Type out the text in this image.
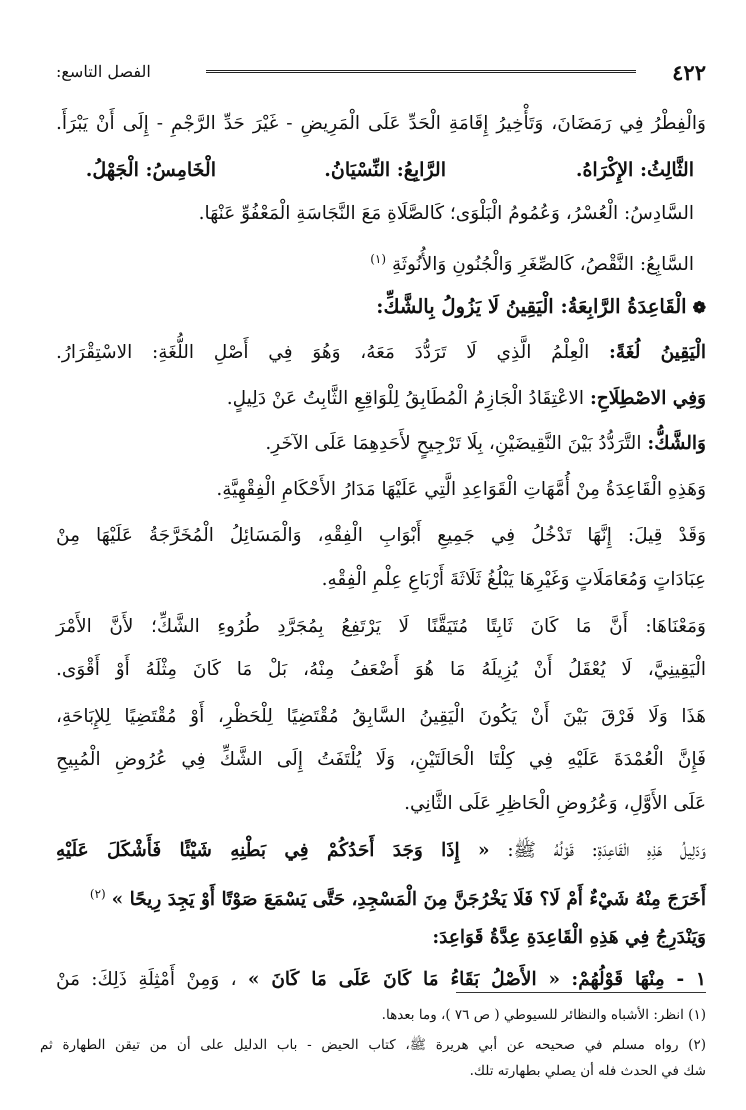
٤٢٢
الفصل التاسع:
وَالْفِطْرُ فِي رَمَضَانَ، وَتَأْخِيرُ إِقَامَةِ الْحَدِّ عَلَى الْمَرِيضِ - غَيْرَ حَدِّ الرَّجْمِ - إِلَى أَنْ يَبْرَأَ.
الثَّالِثُ: الإِكْرَاهُ.
الرَّابِعُ: النِّسْيَانُ.
الْخَامِسُ: الْجَهْلُ.
السَّادِسُ: الْعُسْرُ، وَعُمُومُ الْبَلْوَى؛ كَالصَّلَاةِ مَعَ النَّجَاسَةِ الْمَعْفُوِّ عَنْهَا.
السَّابِعُ: النَّقْصُ، كَالصِّغَرِ وَالْجُنُونِ وَالأُنُوثَةِ $^{(١)}$
❁الْقَاعِدَةُ الرَّابِعَةُ: الْيَقِينُ لَا يَزُولُ بِالشَّكِّ:
الْيَقِينُ لُغَةً: الْعِلْمُ الَّذِي لَا تَرَدُّدَ مَعَهُ، وَهُوَ فِي أَصْلِ اللُّغَةِ: الاسْتِقْرَارُ.
وَفِي الاصْطِلَاحِ: الاعْتِقَادُ الْجَازِمُ الْمُطَابِقُ لِلْوَاقِعِ الثَّابِتُ عَنْ دَلِيلٍ.
وَالشَّكُّ: التَّرَدُّدُ بَيْنَ النَّقِيضَيْنِ، بِلَا تَرْجِيحٍ لأَحَدِهِمَا عَلَى الآخَرِ.
وَهَذِهِ الْقَاعِدَةُ مِنْ أُمَّهَاتِ الْقَوَاعِدِ الَّتِي عَلَيْهَا مَدَارُ الأَحْكَامِ الْفِقْهِيَّةِ.
وَقَدْ قِيلَ: إِنَّهَا تَدْخُلُ فِي جَمِيعِ أَبْوَابِ الْفِقْهِ، وَالْمَسَائِلُ الْمُخَرَّجَةُ عَلَيْهَا مِنْ
عِبَادَاتٍ وَمُعَامَلَاتٍ وَغَيْرِهَا يَبْلُغُ ثَلَاثَةَ أَرْبَاعِ عِلْمِ الْفِقْهِ.
وَمَعْنَاهَا: أَنَّ مَا كَانَ ثَابِتًا مُتَيَقَّنًا لَا يَرْتَفِعُ بِمُجَرَّدِ طُرُوءِ الشَّكِّ؛ لأَنَّ الأَمْرَ
الْيَقِينِيَّ، لَا يُعْقَلُ أَنْ يُزِيلَهُ مَا هُوَ أَضْعَفُ مِنْهُ، بَلْ مَا كَانَ مِثْلَهُ أَوْ أَقْوَى.
هَذَا وَلَا فَرْقَ بَيْنَ أَنْ يَكُونَ الْيَقِينُ السَّابِقُ مُقْتَضِيًا لِلْحَظْرِ، أَوْ مُقْتَضِيًا لِلإِبَاحَةِ،
فَإِنَّ الْعُمْدَةَ عَلَيْهِ فِي كِلْتَا الْحَالَتَيْنِ، وَلَا يُلْتَفَتُ إِلَى الشَّكِّ فِي عُرُوضِ الْمُبِيحِ
عَلَى الأَوَّلِ، وَعُرُوضِ الْحَاظِرِ عَلَى الثَّانِي.
وَدَلِيلُ هَذِهِ الْقَاعِدَةِ: قَوْلُهُ ﷺ: « إِذَا وَجَدَ أَحَدُكُمْ فِي بَطْنِهِ شَيْئًا فَأَشْكَلَ عَلَيْهِ
أَخَرَجَ مِنْهُ شَيْءٌ أَمْ لَا؟ فَلَا يَخْرُجَنَّ مِنَ الْمَسْجِدِ، حَتَّى يَسْمَعَ صَوْتًا أَوْ يَجِدَ رِيحًا » $^{(٢)}$
وَيَنْدَرِجُ فِي هَذِهِ الْقَاعِدَةِ عِدَّةُ قَوَاعِدَ:
١ - مِنْهَا قَوْلُهُمْ: « الأَصْلُ بَقَاءُ مَا كَانَ عَلَى مَا كَانَ » ، وَمِنْ أَمْثِلَةِ ذَلِكَ: مَنْ
(١) انظر: الأشباه والنظائر للسيوطي ( ص ٧٦ )، وما بعدها.
(٢) رواه مسلم في صحيحه عن أبي هريرة ﷺ، كتاب الحيض - باب الدليل على أن من تيقن الطهارة ثم
شك في الحدث فله أن يصلي بطهارته تلك.
